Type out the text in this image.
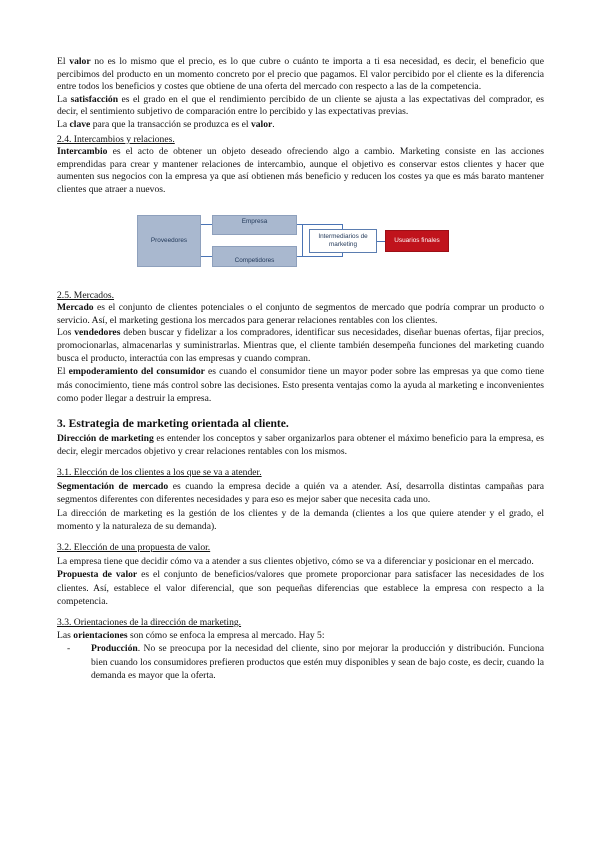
El valor no es lo mismo que el precio, es lo que cubre o cuánto te importa a ti esa necesidad, es decir, el beneficio que percibimos del producto en un momento concreto por el precio que pagamos. El valor percibido por el cliente es la diferencia entre todos los beneficios y costes que obtiene de una oferta del mercado con respecto a las de la competencia.

La satisfacción es el grado en el que el rendimiento percibido de un cliente se ajusta a las expectativas del comprador, es decir, el sentimiento subjetivo de comparación entre lo percibido y las expectativas previas.

La clave para que la transacción se produzca es el valor.

2.4. Intercambios y relaciones.

Intercambio es el acto de obtener un objeto deseado ofreciendo algo a cambio. Marketing consiste en las acciones emprendidas para crear y mantener relaciones de intercambio, aunque el objetivo es conservar estos clientes y hacer que aumenten sus negocios con la empresa ya que así obtienen más beneficio y reducen los costes ya que es más barato mantener clientes que atraer a nuevos.

Proveedores
Empresa
Competidores
Intermediarios de marketing	Usuarios finales
2.5. Mercados.

Mercado es el conjunto de clientes potenciales o el conjunto de segmentos de mercado que podría comprar un producto o servicio. Así, el marketing gestiona los mercados para generar relaciones rentables con los clientes.

Los vendedores deben buscar y fidelizar a los compradores, identificar sus necesidades, diseñar buenas ofertas, fijar precios, promocionarlas, almacenarlas y suministrarlas. Mientras que, el cliente también desempeña funciones del marketing cuando busca el producto, interactúa con las empresas y cuando compran.

El empoderamiento del consumidor es cuando el consumidor tiene un mayor poder sobre las empresas ya que como tiene más conocimiento, tiene más control sobre las decisiones. Esto presenta ventajas como la ayuda al marketing e inconvenientes como poder llegar a destruir la empresa.

3. Estrategia de marketing orientada al cliente.

Dirección de marketing es entender los conceptos y saber organizarlos para obtener el máximo beneficio para la empresa, es decir, elegir mercados objetivo y crear relaciones rentables con los mismos.

3.1. Elección de los clientes a los que se va a atender.

Segmentación de mercado es cuando la empresa decide a quién va a atender. Así, desarrolla distintas campañas para segmentos diferentes con diferentes necesidades y para eso es mejor saber que necesita cada uno.

La dirección de marketing es la gestión de los clientes y de la demanda (clientes a los que quiere atender y el grado, el momento y la naturaleza de su demanda).

3.2. Elección de una propuesta de valor.

La empresa tiene que decidir cómo va a atender a sus clientes objetivo, cómo se va a diferenciar y posicionar en el mercado.

Propuesta de valor es el conjunto de beneficios/valores que promete proporcionar para satisfacer las necesidades de los clientes. Así, establece el valor diferencial, que son pequeñas diferencias que establece la empresa con respecto a la competencia.

3.3. Orientaciones de la dirección de marketing.

Las orientaciones son cómo se enfoca la empresa al mercado. Hay 5:

- Producción. No se preocupa por la necesidad del cliente, sino por mejorar la producción y distribución. Funciona bien cuando los consumidores prefieren productos que estén muy disponibles y sean de bajo coste, es decir, cuando la demanda es mayor que la oferta.
